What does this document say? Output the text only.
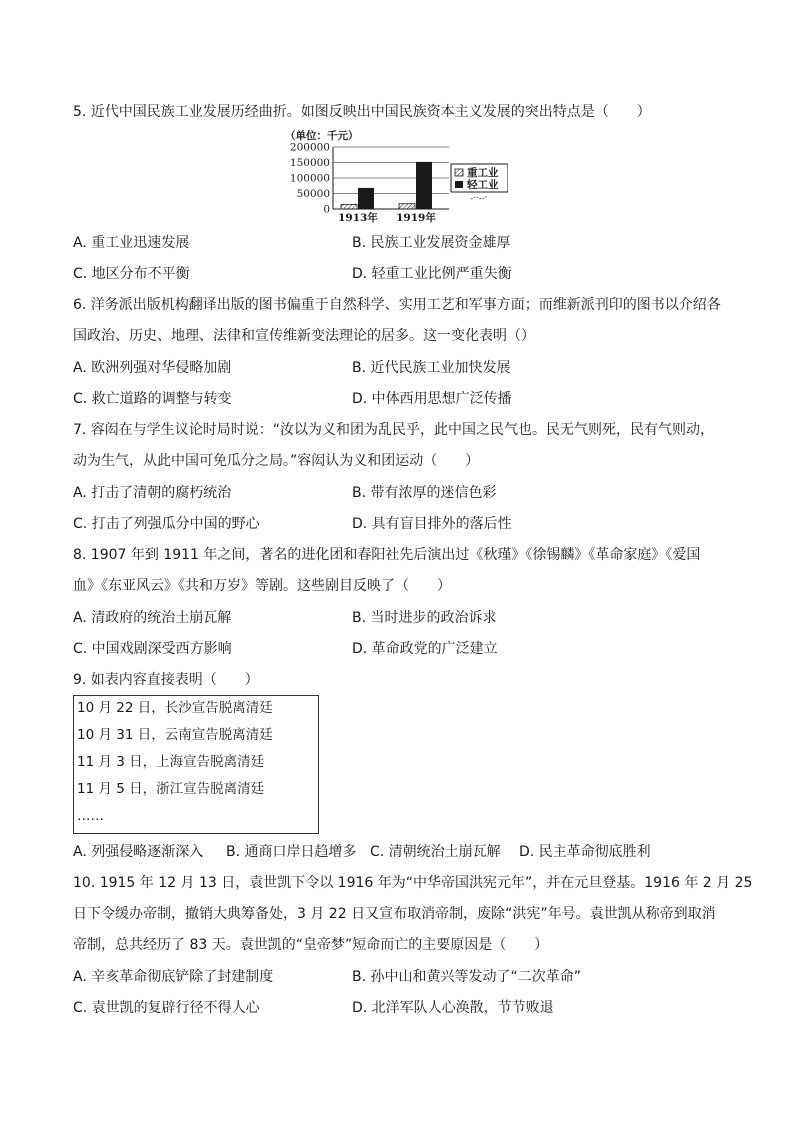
5. 近代中国民族工业发展历经曲折。如图反映出中国民族资本主义发展的突出特点是（　　）
（单位：千元）
200000
150000
100000
50000
0
1913年 1919年
重工业
轻工业
A. 重工业迅速发展	B. 民族工业发展资金雄厚
C. 地区分布不平衡	D. 轻重工业比例严重失衡
6. 洋务派出版机构翻译出版的图书偏重于自然科学、实用工艺和军事方面；而维新派刊印的图书以介绍各
国政治、历史、地理、法律和宣传维新变法理论的居多。这一变化表明（）
A. 欧洲列强对华侵略加剧	B. 近代民族工业加快发展
C. 救亡道路的调整与转变	D. 中体西用思想广泛传播
7. 容闳在与学生议论时局时说：“汝以为义和团为乱民乎，此中国之民气也。民无气则死，民有气则动，
动为生气，从此中国可免瓜分之局。”容闳认为义和团运动（　　）
A. 打击了清朝的腐朽统治	B. 带有浓厚的迷信色彩
C. 打击了列强瓜分中国的野心	D. 具有盲目排外的落后性
8. 1907 年到 1911 年之间，著名的进化团和春阳社先后演出过《秋瑾》《徐锡麟》《革命家庭》《爱国
血》《东亚风云》《共和万岁》等剧。这些剧目反映了（　　）
A. 清政府的统治土崩瓦解	B. 当时进步的政治诉求
C. 中国戏剧深受西方影响	D. 革命政党的广泛建立
9. 如表内容直接表明（　　）
10 月 22 日，长沙宣告脱离清廷
10 月 31 日，云南宣告脱离清廷
11 月 3 日，上海宣告脱离清廷
11 月 5 日，浙江宣告脱离清廷
……
A. 列强侵略逐渐深入 B. 通商口岸日趋增多 C. 清朝统治土崩瓦解 D. 民主革命彻底胜利
10. 1915 年 12 月 13 日，袁世凯下令以 1916 年为“中华帝国洪宪元年”，并在元旦登基。1916 年 2 月 25
日下令缓办帝制，撤销大典筹备处，3 月 22 日又宣布取消帝制，废除“洪宪”年号。袁世凯从称帝到取消
帝制，总共经历了 83 天。袁世凯的“皇帝梦”短命而亡的主要原因是（　　）
A. 辛亥革命彻底铲除了封建制度	B. 孙中山和黄兴等发动了“二次革命”
C. 袁世凯的复辟行径不得人心	D. 北洋军队人心涣散，节节败退
